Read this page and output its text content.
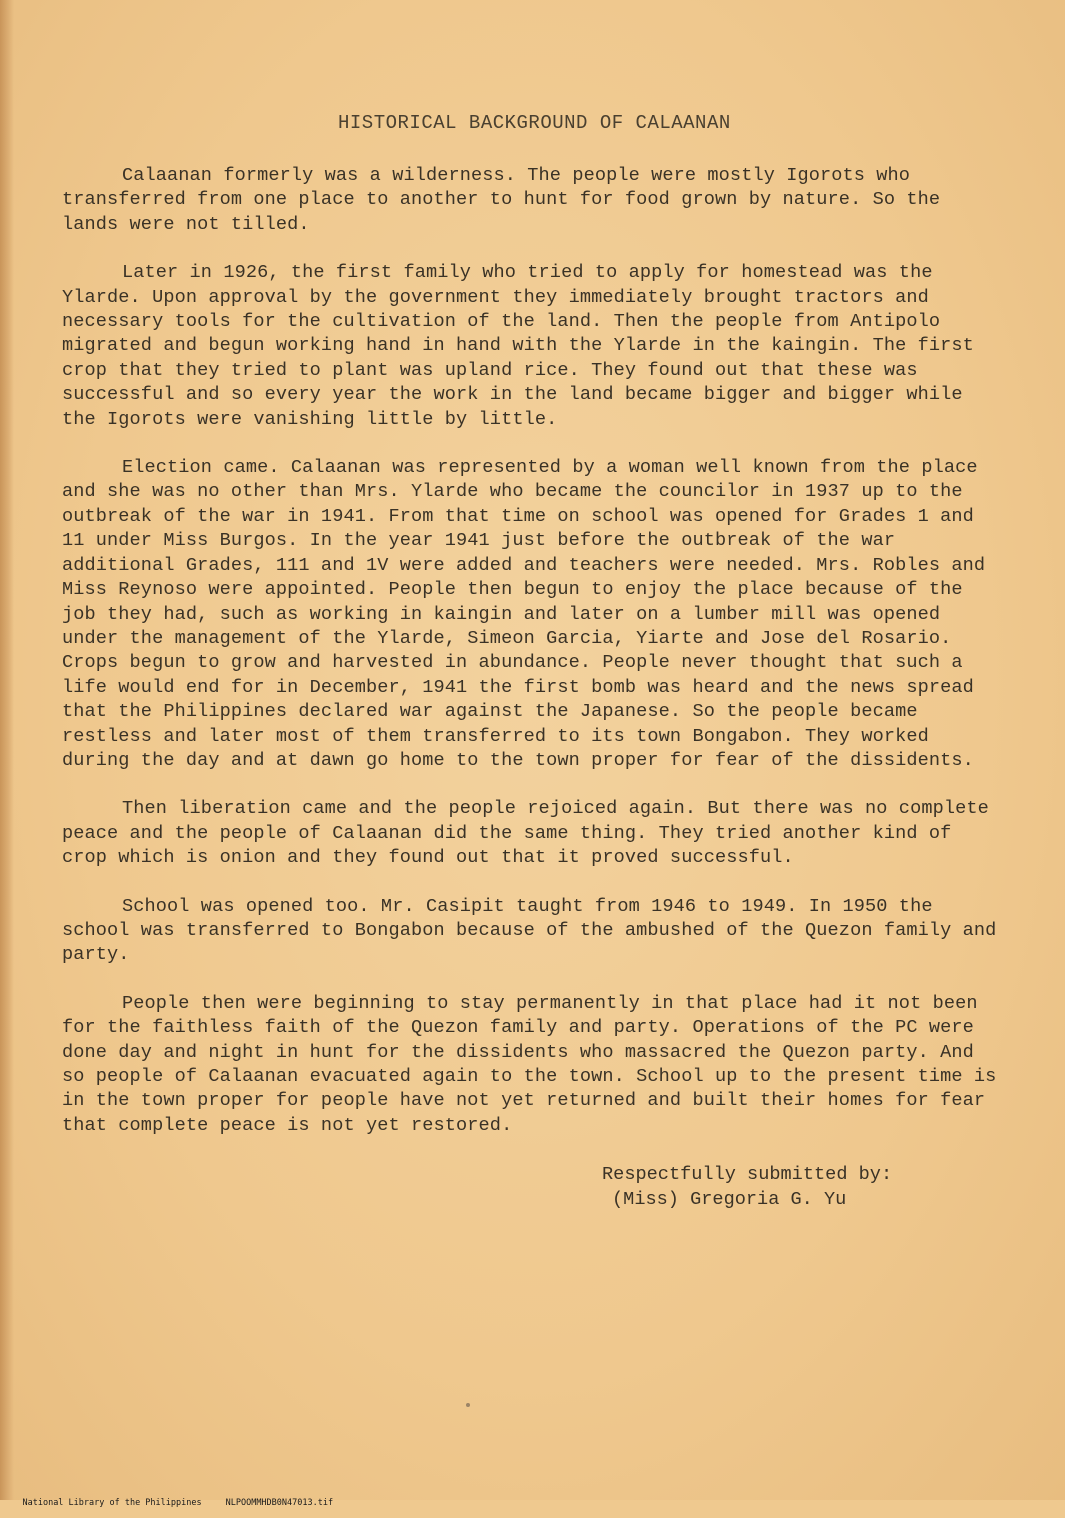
HISTORICAL BACKGROUND OF CALAANAN

Calaanan formerly was a wilderness. The people were mostly Igorots who transferred from one place to another to hunt for food grown by nature. So the lands were not tilled.

Later in 1926, the first family who tried to apply for homestead was the Ylarde. Upon approval by the government they immediately brought tractors and necessary tools for the cultivation of the land. Then the people from Antipolo migrated and begun working hand in hand with the Ylarde in the kaingin. The first crop that they tried to plant was upland rice. They found out that these was successful and so every year the work in the land became bigger and bigger while the Igorots were vanishing little by little.

Election came. Calaanan was represented by a woman well known from the place and she was no other than Mrs. Ylarde who became the councilor in 1937 up to the outbreak of the war in 1941. From that time on school was opened for Grades 1 and 11 under Miss Burgos. In the year 1941 just before the outbreak of the war additional Grades, 111 and 1V were added and teachers were needed. Mrs. Robles and Miss Reynoso were appointed. People then begun to enjoy the place because of the job they had, such as working in kaingin and later on a lumber mill was opened under the management of the Ylarde, Simeon Garcia, Yiarte and Jose del Rosario. Crops begun to grow and harvested in abundance. People never thought that such a life would end for in December, 1941 the first bomb was heard and the news spread that the Philippines declared war against the Japanese. So the people became restless and later most of them transferred to its town Bongabon. They worked during the day and at dawn go home to the town proper for fear of the dissidents.

Then liberation came and the people rejoiced again. But there was no complete peace and the people of Calaanan did the same thing. They tried another kind of crop which is onion and they found out that it proved successful.

School was opened too. Mr. Casipit taught from 1946 to 1949. In 1950 the school was transferred to Bongabon because of the ambushed of the Quezon family and party.

People then were beginning to stay permanently in that place had it not been for the faithless faith of the Quezon family and party. Operations of the PC were done day and night in hunt for the dissidents who massacred the Quezon party. And so people of Calaanan evacuated again to the town. School up to the present time is in the town proper for people have not yet returned and built their homes for fear that complete peace is not yet restored.

Respectfully submitted by:
(Miss) Gregoria G. Yu

National Library of the Philippines	NLPOOMMHDB0N47013.tif
